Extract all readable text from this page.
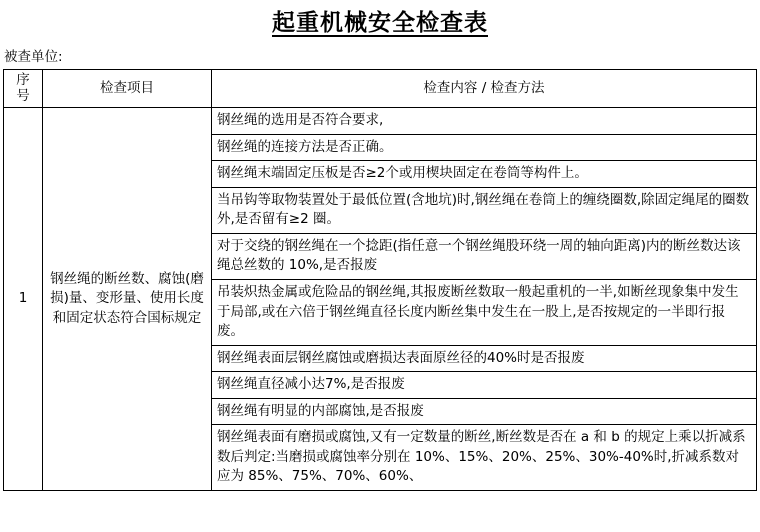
起重机械安全检查表
被查单位:
序
号	检查项目	检查内容 / 检查方法
1	钢丝绳的断丝数、腐蚀(磨损)量、变形量、使用长度和固定状态符合国标规定	钢丝绳的选用是否符合要求,
		钢丝绳的连接方法是否正确。
		钢丝绳末端固定压板是否≥2个或用楔块固定在卷筒等构件上。
		当吊钩等取物装置处于最低位置(含地坑)时,钢丝绳在卷筒上的缠绕圈数,除固定绳尾的圈数外,是否留有≥2 圈。
		对于交绕的钢丝绳在一个捻距(指任意一个钢丝绳股环绕一周的轴向距离)内的断丝数达该绳总丝数的 10%,是否报废
		吊装炽热金属或危险品的钢丝绳,其报废断丝数取一般起重机的一半,如断丝现象集中发生于局部,或在六倍于钢丝绳直径长度内断丝集中发生在一股上,是否按规定的一半即行报废。
		钢丝绳表面层钢丝腐蚀或磨损达表面原丝径的40%时是否报废
		钢丝绳直径减小达7%,是否报废
		钢丝绳有明显的内部腐蚀,是否报废
		钢丝绳表面有磨损或腐蚀,又有一定数量的断丝,断丝数是否在 a 和 b 的规定上乘以折减系数后判定:当磨损或腐蚀率分别在 10%、15%、20%、25%、30%-40%时,折减系数对应为 85%、75%、70%、60%、
